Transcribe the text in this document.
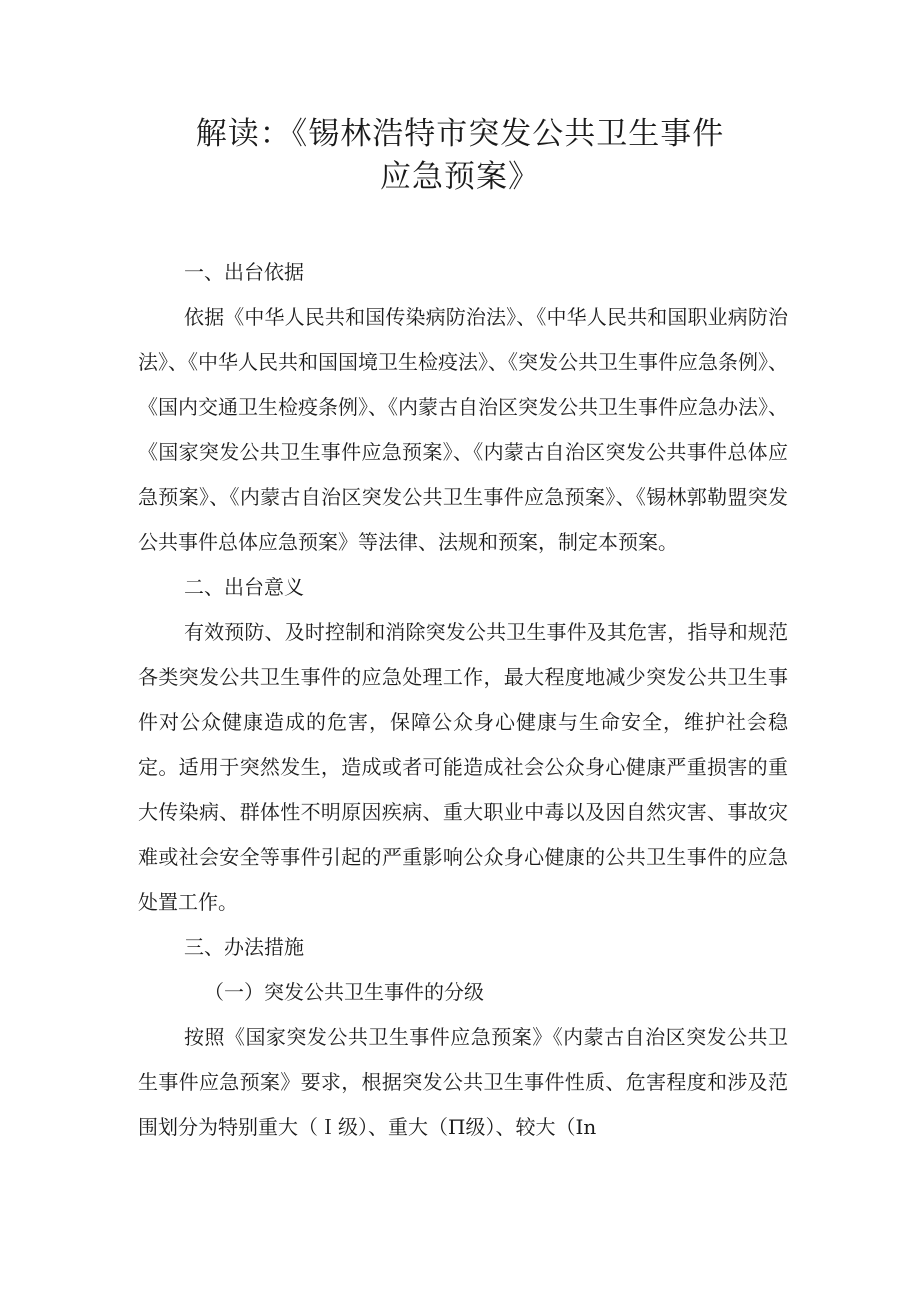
解读：《锡林浩特市突发公共卫生事件
应急预案》

一、出台依据

依据《中华人民共和国传染病防治法》、《中华人民共和国职业病防治法》、《中华人民共和国国境卫生检疫法》、《突发公共卫生事件应急条例》、《国内交通卫生检疫条例》、《内蒙古自治区突发公共卫生事件应急办法》、《国家突发公共卫生事件应急预案》、《内蒙古自治区突发公共事件总体应急预案》、《内蒙古自治区突发公共卫生事件应急预案》、《锡林郭勒盟突发公共事件总体应急预案》等法律、法规和预案，制定本预案。

二、出台意义

有效预防、及时控制和消除突发公共卫生事件及其危害，指导和规范各类突发公共卫生事件的应急处理工作，最大程度地减少突发公共卫生事件对公众健康造成的危害，保障公众身心健康与生命安全，维护社会稳定。适用于突然发生，造成或者可能造成社会公众身心健康严重损害的重大传染病、群体性不明原因疾病、重大职业中毒以及因自然灾害、事故灾难或社会安全等事件引起的严重影响公众身心健康的公共卫生事件的应急处置工作。

三、办法措施

（一）突发公共卫生事件的分级

按照《国家突发公共卫生事件应急预案》《内蒙古自治区突发公共卫生事件应急预案》要求，根据突发公共卫生事件性质、危害程度和涉及范围划分为特别重大（Ｉ级）、重大（Π级）、较大（In
